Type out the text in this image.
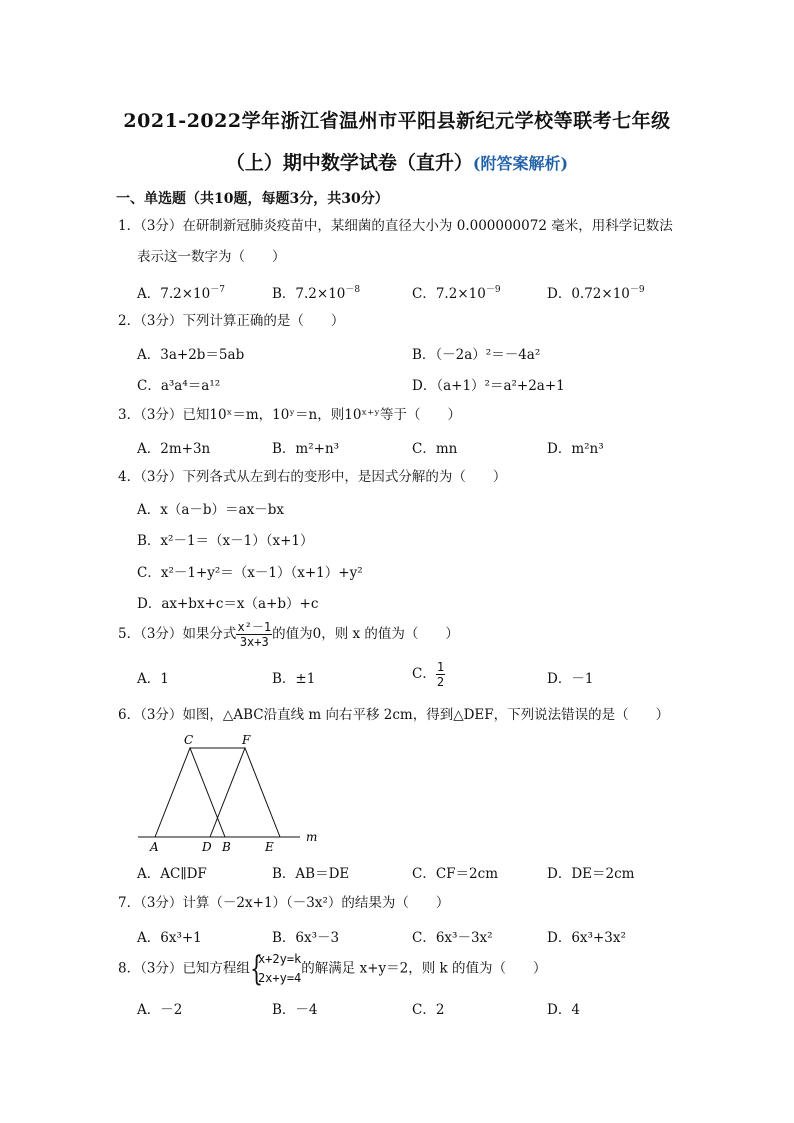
2021-2022学年浙江省温州市平阳县新纪元学校等联考七年级
（上）期中数学试卷（直升）(附答案解析)
一、单选题（共10题，每题3分，共30分）
1．（3分）在研制新冠肺炎疫苗中，某细菌的直径大小为 0.000000072 毫米，用科学记数法
表示这一数字为（　　）
A．$7.2\times 10^{-7}$	B．$7.2\times 10^{-8}$	C．$7.2\times 10^{-9}$	D．$0.72\times 10^{-9}$
2．（3分）下列计算正确的是（　　）
A．3a+2b＝5ab	B．（－2a）²＝－4a²
C．a³a⁴＝a¹²	D．（a+1）²＝a²+2a+1
3．（3分）已知10ˣ＝m，10ʸ＝n，则10ˣ⁺ʸ等于（　　）
A．2m+3n	B．m²+n³	C．mn	D．m²n³
4．（3分）下列各式从左到右的变形中，是因式分解的为（　　）
A．x（a－b）＝ax－bx
B．x²－1＝（x－1）（x+1）
C．x²－1+y²＝（x－1）（x+1）+y²
D．ax+bx+c＝x（a+b）+c
5．（3分）如果分式 $\frac{\text{x²－1}}{3x+3}$ 的值为0，则 x 的值为（　　）
A．1	B．±1	C． $\frac{1}{2}$	D．－1
6．（3分）如图，△ABC沿直线 m 向右平移 2cm，得到△DEF，下列说法错误的是（　　）
C	F
A	D B	E
m
A．AC∥DF	B．AB＝DE	C．CF＝2cm	D．DE＝2cm
7．（3分）计算（－2x+1）（－3x²）的结果为（　　）
A．6x³+1	B．6x³－3	C．6x³－3x²	D．6x³+3x²
8．（3分）已知方程组 {
x+2y=k
2x+y=4
的解满足 x+y＝2，则 k 的值为（　　）
A．－2	B．－4	C．2	D．4
